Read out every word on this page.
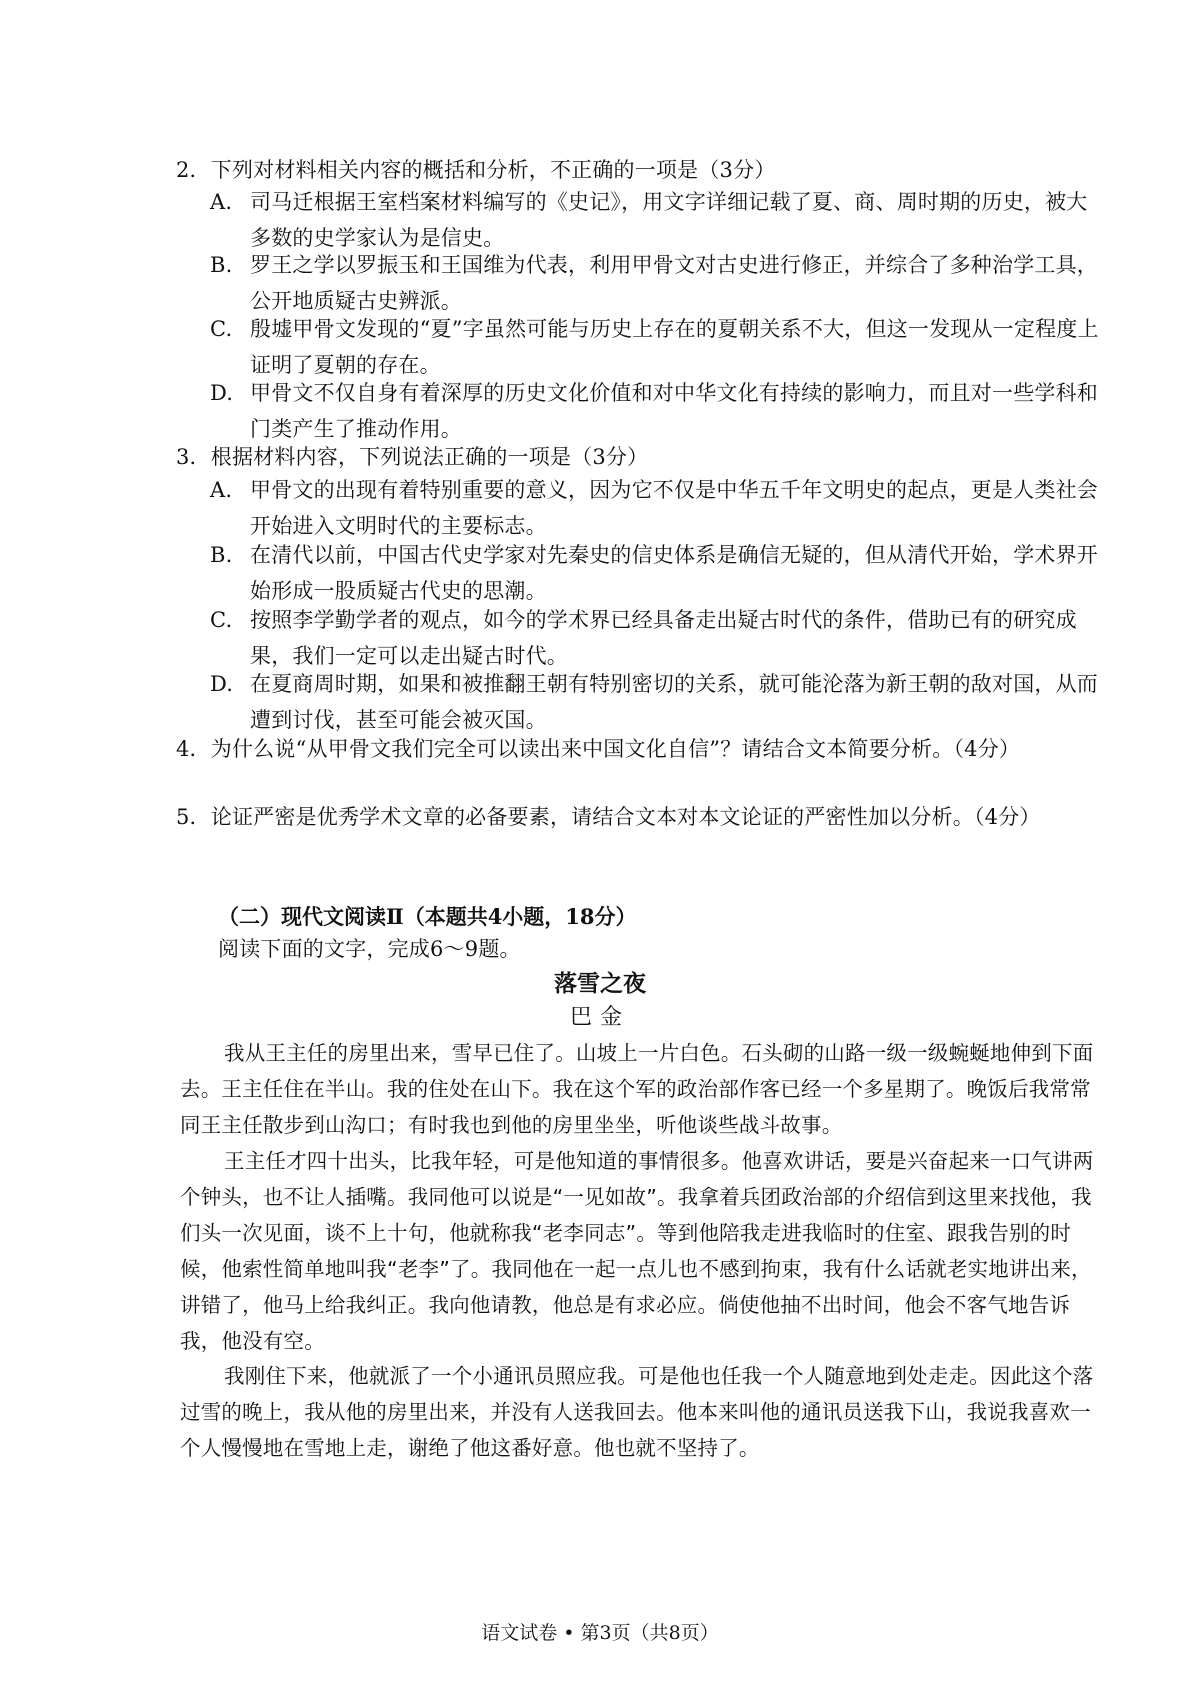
2．下列对材料相关内容的概括和分析，不正确的一项是（3分）
A. 司马迁根据王室档案材料编写的《史记》，用文字详细记载了夏、商、周时期的历史，被大多数的史学家认为是信史。
B. 罗王之学以罗振玉和王国维为代表，利用甲骨文对古史进行修正，并综合了多种治学工具，公开地质疑古史辨派。
C. 殷墟甲骨文发现的“夏”字虽然可能与历史上存在的夏朝关系不大，但这一发现从一定程度上证明了夏朝的存在。
D. 甲骨文不仅自身有着深厚的历史文化价值和对中华文化有持续的影响力，而且对一些学科和门类产生了推动作用。
3．根据材料内容，下列说法正确的一项是（3分）
A. 甲骨文的出现有着特别重要的意义，因为它不仅是中华五千年文明史的起点，更是人类社会开始进入文明时代的主要标志。
B. 在清代以前，中国古代史学家对先秦史的信史体系是确信无疑的，但从清代开始，学术界开始形成一股质疑古代史的思潮。
C. 按照李学勤学者的观点，如今的学术界已经具备走出疑古时代的条件，借助已有的研究成果，我们一定可以走出疑古时代。
D. 在夏商周时期，如果和被推翻王朝有特别密切的关系，就可能沦落为新王朝的敌对国，从而遭到讨伐，甚至可能会被灭国。
4．为什么说“从甲骨文我们完全可以读出来中国文化自信”？请结合文本简要分析。（4分）
5．论证严密是优秀学术文章的必备要素，请结合文本对本文论证的严密性加以分析。（4分）
（二）现代文阅读Ⅱ（本题共4小题，18分）
阅读下面的文字，完成6～9题。
落雪之夜
巴金
我从王主任的房里出来，雪早已住了。山坡上一片白色。石头砌的山路一级一级蜿蜒地伸到下面去。王主任住在半山。我的住处在山下。我在这个军的政治部作客已经一个多星期了。晚饭后我常常同王主任散步到山沟口；有时我也到他的房里坐坐，听他谈些战斗故事。
王主任才四十出头，比我年轻，可是他知道的事情很多。他喜欢讲话，要是兴奋起来一口气讲两个钟头，也不让人插嘴。我同他可以说是“一见如故”。我拿着兵团政治部的介绍信到这里来找他，我们头一次见面，谈不上十句，他就称我“老李同志”。等到他陪我走进我临时的住室、跟我告别的时候，他索性简单地叫我“老李”了。我同他在一起一点儿也不感到拘束，我有什么话就老实地讲出来，讲错了，他马上给我纠正。我向他请教，他总是有求必应。倘使他抽不出时间，他会不客气地告诉我，他没有空。
我刚住下来，他就派了一个小通讯员照应我。可是他也任我一个人随意地到处走走。因此这个落过雪的晚上，我从他的房里出来，并没有人送我回去。他本来叫他的通讯员送我下山，我说我喜欢一个人慢慢地在雪地上走，谢绝了他这番好意。他也就不坚持了。
语文试卷 • 第3页（共8页）
